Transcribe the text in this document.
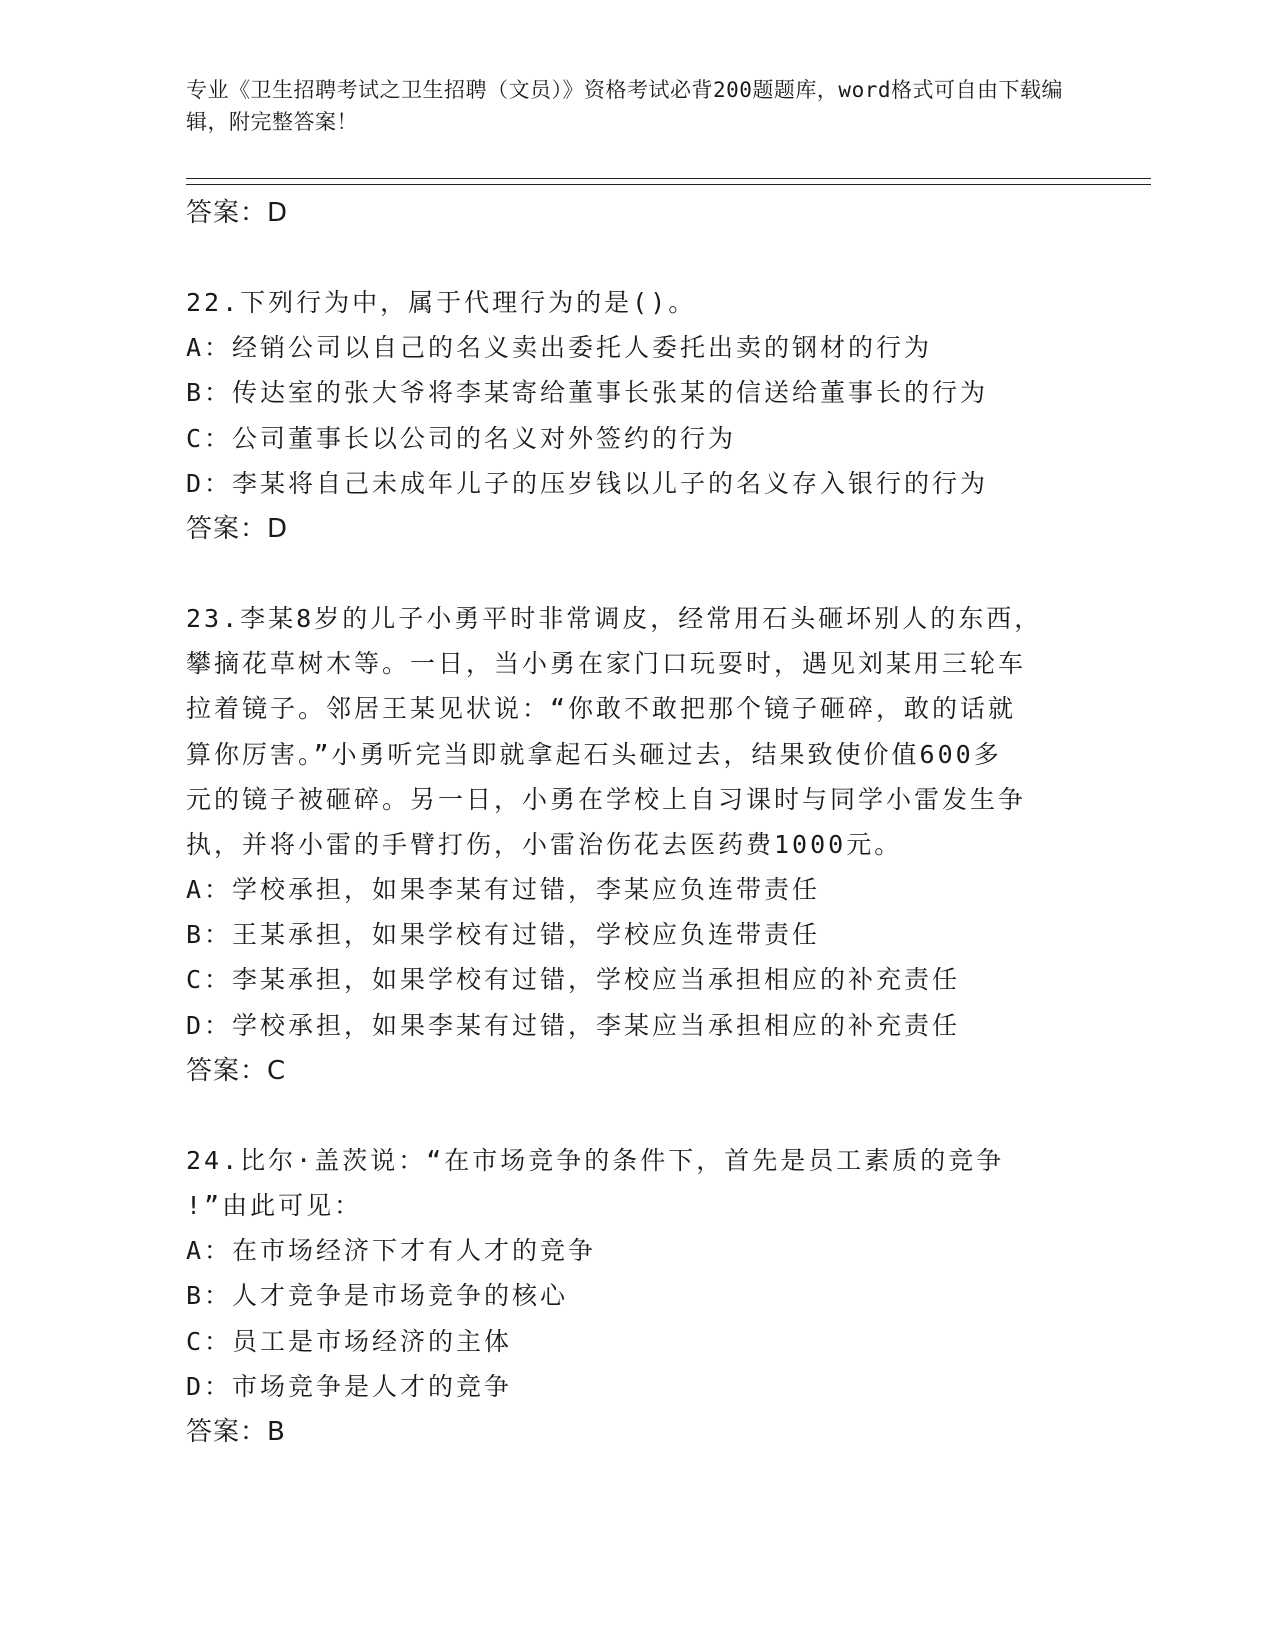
专业《卫生招聘考试之卫生招聘（文员）》资格考试必背200题题库，word格式可自由下载编辑，附完整答案！
答案：D
22.下列行为中，属于代理行为的是()。
A：经销公司以自己的名义卖出委托人委托出卖的钢材的行为
B：传达室的张大爷将李某寄给董事长张某的信送给董事长的行为
C：公司董事长以公司的名义对外签约的行为
D：李某将自己未成年儿子的压岁钱以儿子的名义存入银行的行为
答案：D
23.李某8岁的儿子小勇平时非常调皮，经常用石头砸坏别人的东西，
攀摘花草树木等。一日，当小勇在家门口玩耍时，遇见刘某用三轮车
拉着镜子。邻居王某见状说：“你敢不敢把那个镜子砸碎，敢的话就
算你厉害。”小勇听完当即就拿起石头砸过去，结果致使价值600多
元的镜子被砸碎。另一日，小勇在学校上自习课时与同学小雷发生争
执，并将小雷的手臂打伤，小雷治伤花去医药费1000元。
A：学校承担，如果李某有过错，李某应负连带责任
B：王某承担，如果学校有过错，学校应负连带责任
C：李某承担，如果学校有过错，学校应当承担相应的补充责任
D：学校承担，如果李某有过错，李某应当承担相应的补充责任
答案：C
24.比尔·盖茨说：“在市场竞争的条件下，首先是员工素质的竞争
!”由此可见：
A：在市场经济下才有人才的竞争
B：人才竞争是市场竞争的核心
C：员工是市场经济的主体
D：市场竞争是人才的竞争
答案：B
